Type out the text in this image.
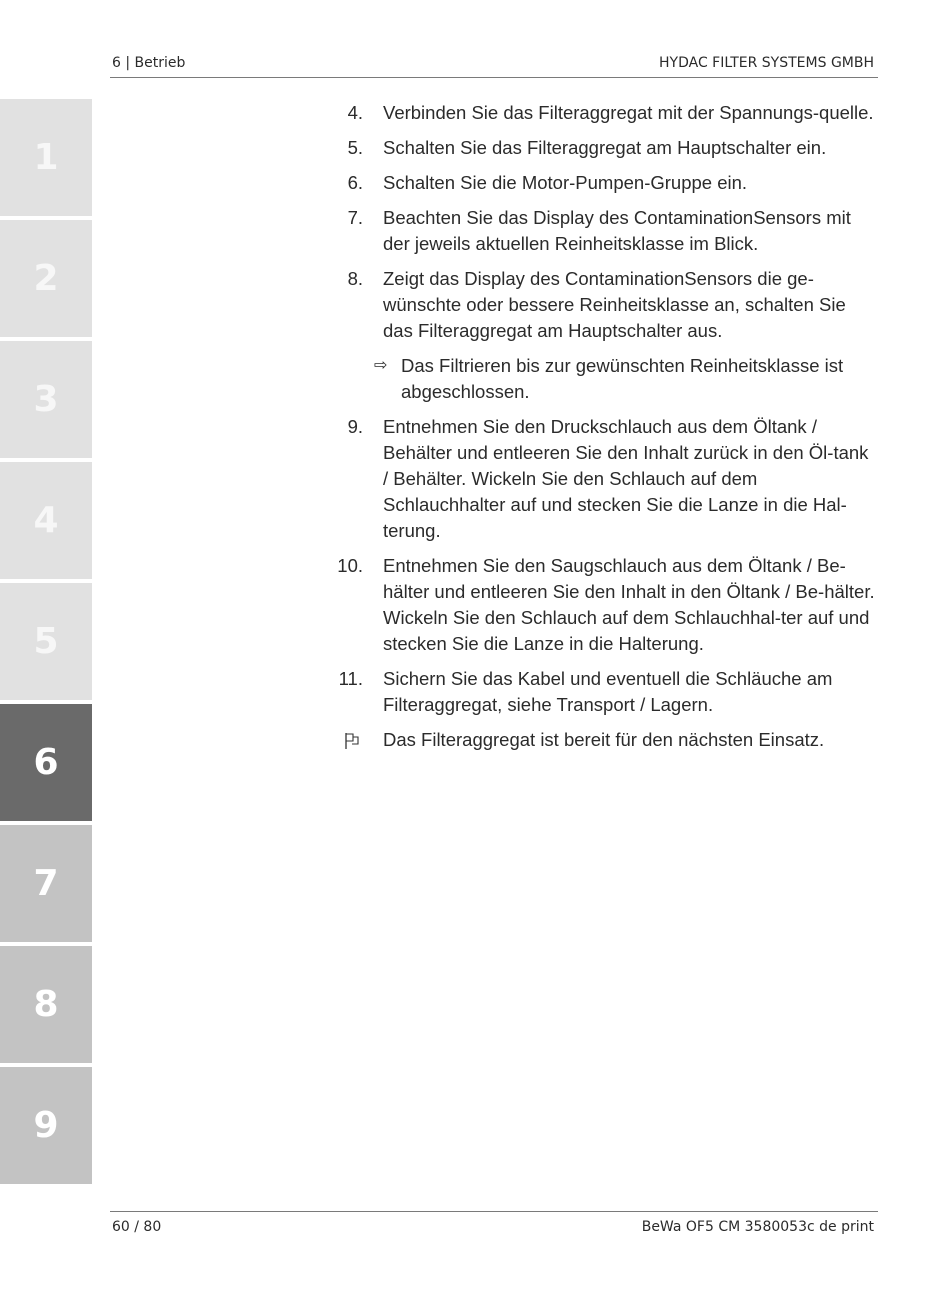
6 | Betrieb	HYDAC FILTER SYSTEMS GMBH
1
2
3
4
5
6
7
8
9
4. Verbinden Sie das Filteraggregat mit der Spannungs-quelle.
5. Schalten Sie das Filteraggregat am Hauptschalter ein.
6. Schalten Sie die Motor-Pumpen-Gruppe ein.
7. Beachten Sie das Display des ContaminationSensors mit der jeweils aktuellen Reinheitsklasse im Blick.
8. Zeigt das Display des ContaminationSensors die ge-wünschte oder bessere Reinheitsklasse an, schalten Sie das Filteraggregat am Hauptschalter aus.
⇨ Das Filtrieren bis zur gewünschten Reinheitsklasse ist abgeschlossen.
9. Entnehmen Sie den Druckschlauch aus dem Öltank / Behälter und entleeren Sie den Inhalt zurück in den Öl-tank / Behälter. Wickeln Sie den Schlauch auf dem Schlauchhalter auf und stecken Sie die Lanze in die Hal-terung.
10. Entnehmen Sie den Saugschlauch aus dem Öltank / Be-hälter und entleeren Sie den Inhalt in den Öltank / Be-hälter. Wickeln Sie den Schlauch auf dem Schlauchhal-ter auf und stecken Sie die Lanze in die Halterung.
11. Sichern Sie das Kabel und eventuell die Schläuche am Filteraggregat, siehe Transport / Lagern.
Das Filteraggregat ist bereit für den nächsten Einsatz.
60 / 80	BeWa OF5 CM 3580053c de print
